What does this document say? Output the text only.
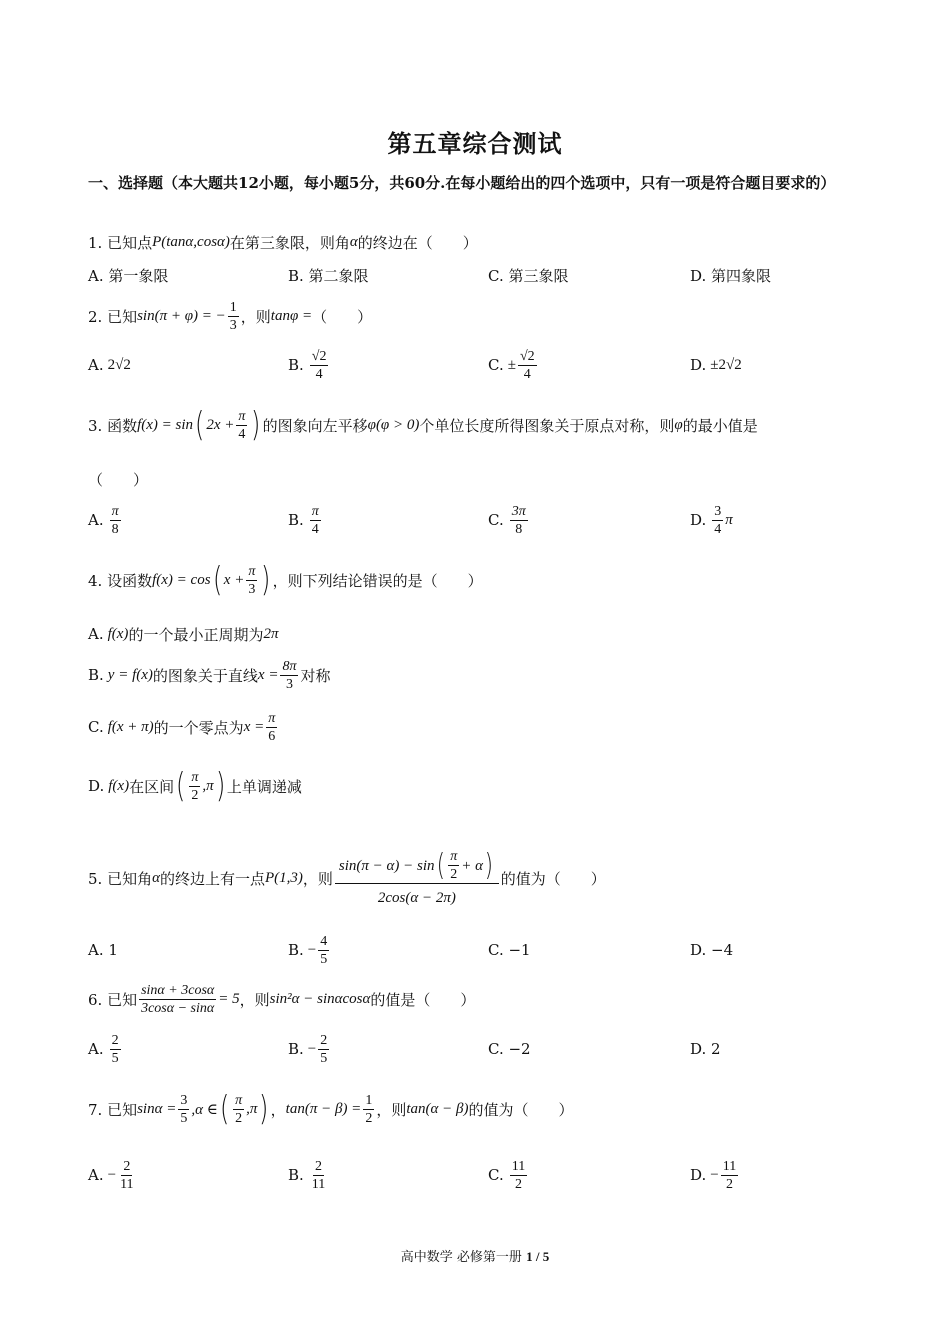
第五章综合测试
一、选择题（本大题共12小题，每小题5分，共60分.在每小题给出的四个选项中，只有一项是符合题目要求的）
1. 已知点 P(tanα,cosα) 在第三象限，则角 α 的终边在（　　）
A. 第一象限	B. 第二象限	C. 第三象限	D. 第四象限
2. 已知 sin(π + φ) = − $\frac{1}{3}$ ，则 tanφ = （　　）
A. 2√2	B. $\frac{√2}{4}$	C. ± $\frac{√2}{4}$	D. ±2√2
3. 函数 f(x) = sin ( $2x + \frac{\pi}{4}$ ) 的图象向左平移 φ(φ > 0) 个单位长度所得图象关于原点对称，则 φ 的最小值是
（　　）
A. $\frac{\pi}{8}$	B. $\frac{\pi}{4}$	C. $\frac{3\pi}{8}$	D. $\frac{3}{4}$ π
4. 设函数 f(x) = cos ( $x + \frac{\pi}{3}$ ) ，则下列结论错误的是（　　）
A. f(x) 的一个最小正周期为 2π
B. y = f(x) 的图象关于直线 $x = \frac{8\pi}{3}$ 对称
C. f(x + π) 的一个零点为 $x = \frac{\pi}{6}$
D. f(x) 在区间 ( $\frac{\pi}{2} ,\pi$ ) 上单调递减
5. 已知角 α 的终边上有一点 P(1,3) ，则 $\frac{\sin(\pi - \alpha) - \sin ( \frac{\pi}{2} + \alpha )}{2\cos(\alpha - 2\pi)}$ 的值为（　　）
A. 1	B. − $\frac{4}{5}$	C. −1	D. −4
6. 已知 $\frac{\sin\alpha + 3\cos\alpha}{3\cos\alpha - \sin\alpha} = 5$ ，则 sin²α − sinαcosα 的值是（　　）
A. $\frac{2}{5}$	B. − $\frac{2}{5}$	C. −2	D. 2
7. 已知 $\sin\alpha = \frac{3}{5} ,\alpha$ ∈ ( $\frac{\pi}{2} ,\pi$ ) ， $\tan(\pi - \beta) = \frac{1}{2}$ ，则 tan(α − β) 的值为（　　）
A. − $\frac{2}{11}$	B. $\frac{2}{11}$	C. $\frac{11}{2}$	D. − $\frac{11}{2}$
高中数学 必修第一册 1 / 5
